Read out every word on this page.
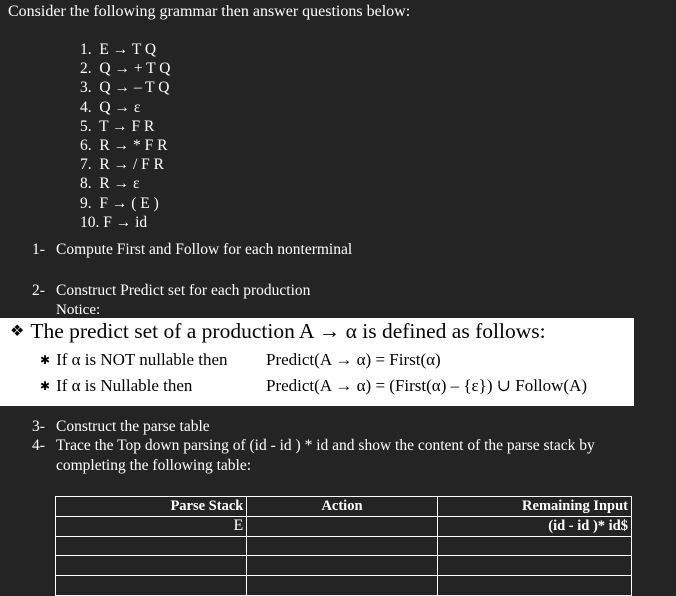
Consider the following grammar then answer questions below:
1.  E → T Q
2.  Q → + T Q
3.  Q → – T Q
4.  Q → ε
5.  T → F R
6.  R → * F R
7.  R → / F R
8.  R → ε
9.  F → ( E )
10. F → id
1- Compute First and Follow for each nonterminal
2- Construct Predict set for each production
Notice:
❖ The predict set of a production A → α is defined as follows:
✱ If α is NOT nullable then Predict(A → α) = First(α)
✱ If α is Nullable then	Predict(A → α) = (First(α) – {ε}) ∪ Follow(A)
3- Construct the parse table
4- Trace the Top down parsing of (id - id ) * id and show the content of the parse stack by
completing the following table:
Parse Stack	Action	Remaining Input
E		(id - id )* id$
